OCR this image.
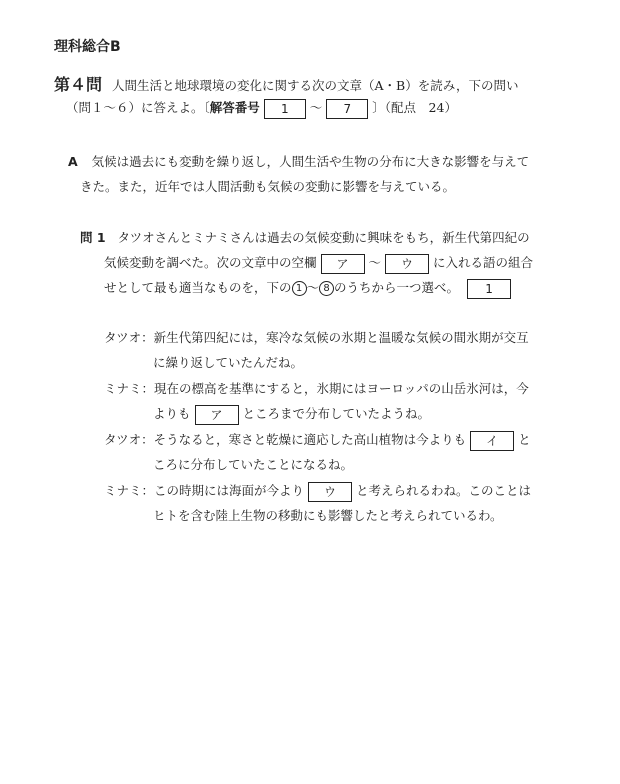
理科総合B
第４問 人間生活と地球環境の変化に関する次の文章（A・B）を読み，下の問い
（問１～６）に答えよ。〔解答番号 1 ～ 7 〕（配点　24）
A 気候は過去にも変動を繰り返し，人間生活や生物の分布に大きな影響を与えて
きた。また，近年では人間活動も気候の変動に影響を与えている。
問 1 タツオさんとミナミさんは過去の気候変動に興味をもち，新生代第四紀の
気候変動を調べた。次の文章中の空欄 ア ～ ウ に入れる語の組合
せとして最も適当なものを，下の 1 ～ 8 のうちから一つ選べ。 1
タツオ：新生代第四紀には，寒冷な気候の氷期と温暖な気候の間氷期が交互
に繰り返していたんだね。
ミナミ：現在の標高を基準にすると，氷期にはヨーロッパの山岳氷河は，今
よりも ア ところまで分布していたようね。
タツオ：そうなると，寒さと乾燥に適応した高山植物は今よりも イ と
ころに分布していたことになるね。
ミナミ：この時期には海面が今より ウ と考えられるわね。このことは
ヒトを含む陸上生物の移動にも影響したと考えられているわ。
